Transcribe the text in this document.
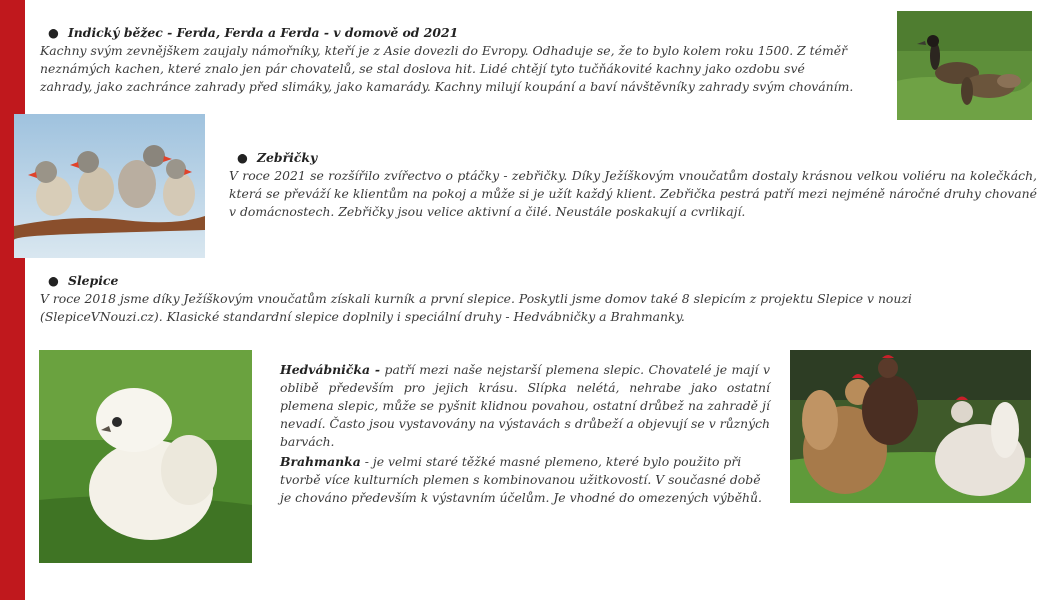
● Indický běžec - Ferda, Ferda a Ferda - v domově od 2021

Kachny svým zevnějškem zaujaly námořníky, kteří je z Asie dovezli do Evropy. Odhaduje se, že to bylo kolem roku 1500. Z téměř neznámých kachen, které znalo jen pár chovatelů, se stal doslova hit. Lidé chtějí tyto tučňákovité kachny jako ozdobu své zahrady, jako zachránce zahrady před slimáky, jako kamarády. Kachny milují koupání a baví návštěvníky zahrady svým chováním.

● Zebřičky

V roce 2021 se rozšířilo zvířectvo o ptáčky - zebřičky. Díky Ježíškovým vnoučatům dostaly krásnou velkou voliéru na kolečkách, která se převáží ke klientům na pokoj a může si je užít každý klient. Zebřička pestrá patří mezi nejméně náročné druhy chované v domácnostech. Zebřičky jsou velice aktivní a čilé. Neustále poskakují a cvrlikají.

● Slepice

V roce 2018 jsme díky Ježíškovým vnoučatům získali kurník a první slepice. Poskytli jsme domov také 8 slepicím z projektu Slepice v nouzi (SlepiceVNouzi.cz). Klasické standardní slepice doplnily i speciální druhy - Hedvábničky a Brahmanky.

Hedvábnička - patří mezi naše nejstarší plemena slepic. Chovatelé je mají v oblibě především pro jejich krásu. Slípka nelétá, nehrabe jako ostatní plemena slepic, může se pyšnit klidnou povahou, ostatní drůbež na zahradě jí nevadí. Často jsou vystavovány na výstavách s drůbeží a objevují se v různých barvách.

Brahmanka - je velmi staré těžké masné plemeno, které bylo použito při tvorbě více kulturních plemen s kombinovanou užitkovostí. V současné době je chováno především k výstavním účelům. Je vhodné do omezených výběhů.
